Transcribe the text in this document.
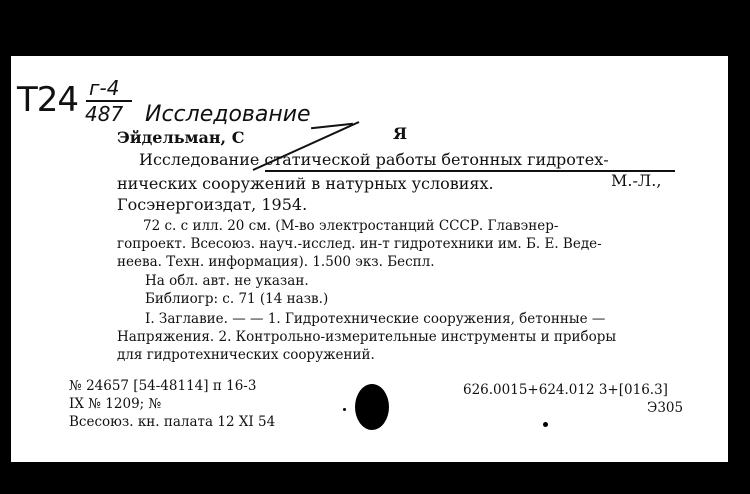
T24 г-4
487 Исследование
Эйдельман, С	Я
Исследование статической работы бетонных гидротех-
нических сооружений в натурных условиях.	М.-Л.,
Госэнергоиздат, 1954.
72 с. с илл. 20 см. (М-во электростанций СССР. Главэнер-
гопроект. Всесоюз. науч.-исслед. ин-т гидротехники им. Б. Е. Веде-
неева. Техн. информация). 1.500 экз. Беспл.
На обл. авт. не указан.
Библиогр: с. 71 (14 назв.)
I. Заглавие. — — 1. Гидротехнические сооружения, бетонные —
Напряжения. 2. Контрольно-измерительные инструменты и приборы
для гидротехнических сооружений.
№ 24657 [54-48114] п 16-3
IX № 1209; №
Всесоюз. кн. палата 12 XI 54
626.0015+624.012 3+[016.3]
Э305
